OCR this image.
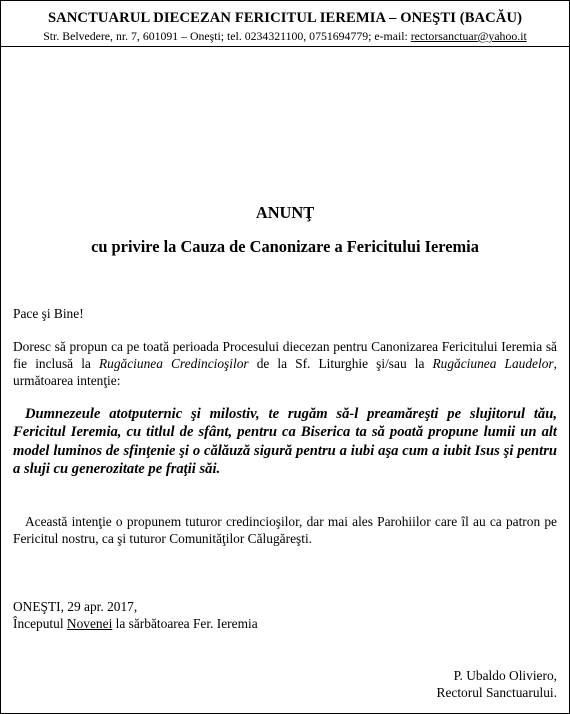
SANCTUARUL DIECEZAN FERICITUL IEREMIA – ONEŞTI (BACĂU)
Str. Belvedere, nr. 7, 601091 – Oneşti; tel. 0234321100, 0751694779; e-mail: rectorsanctuar@yahoo.it
ANUNŢ
cu privire la Cauza de Canonizare a Fericitului Ieremia
Pace şi Bine!
Doresc să propun ca pe toată perioada Procesului diecezan pentru Canonizarea Fericitului Ieremia să fie inclusă la Rugăciunea Credincioşilor de la Sf. Liturghie şi/sau la Rugăciunea Laudelor, următoarea intenţie:
Dumnezeule atotputernic şi milostiv, te rugăm să-l preamăreşti pe slujitorul tău, Fericitul Ieremia, cu titlul de sfânt, pentru ca Biserica ta să poată propune lumii un alt model luminos de sfinţenie şi o călăuză sigură pentru a iubi aşa cum a iubit Isus şi pentru a sluji cu generozitate pe fraţii săi.
Această intenţie o propunem tuturor credincioşilor, dar mai ales Parohiilor care îl au ca patron pe Fericitul nostru, ca şi tuturor Comunităţilor Călugăreşti.
ONEŞTI, 29 apr. 2017,
Începutul Novenei la sărbătoarea Fer. Ieremia
P. Ubaldo Oliviero,
Rectorul Sanctuarului.
